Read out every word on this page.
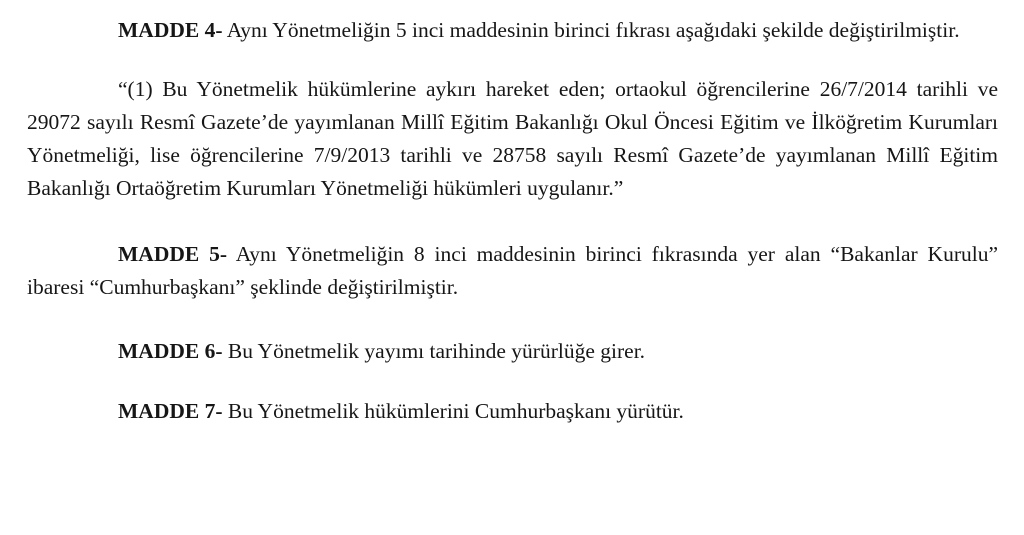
MADDE 4- Aynı Yönetmeliğin 5 inci maddesinin birinci fıkrası aşağıdaki şekilde değiştirilmiştir.

“(1) Bu Yönetmelik hükümlerine aykırı hareket eden; ortaokul öğrencilerine 26/7/2014 tarihli ve 29072 sayılı Resmî Gazete’de yayımlanan Millî Eğitim Bakanlığı Okul Öncesi Eğitim ve İlköğretim Kurumları Yönetmeliği, lise öğrencilerine 7/9/2013 tarihli ve 28758 sayılı Resmî Gazete’de yayımlanan Millî Eğitim Bakanlığı Ortaöğretim Kurumları Yönetmeliği hükümleri uygulanır.”

MADDE 5- Aynı Yönetmeliğin 8 inci maddesinin birinci fıkrasında yer alan “Bakanlar Kurulu” ibaresi “Cumhurbaşkanı” şeklinde değiştirilmiştir.

MADDE 6- Bu Yönetmelik yayımı tarihinde yürürlüğe girer.

MADDE 7- Bu Yönetmelik hükümlerini Cumhurbaşkanı yürütür.
